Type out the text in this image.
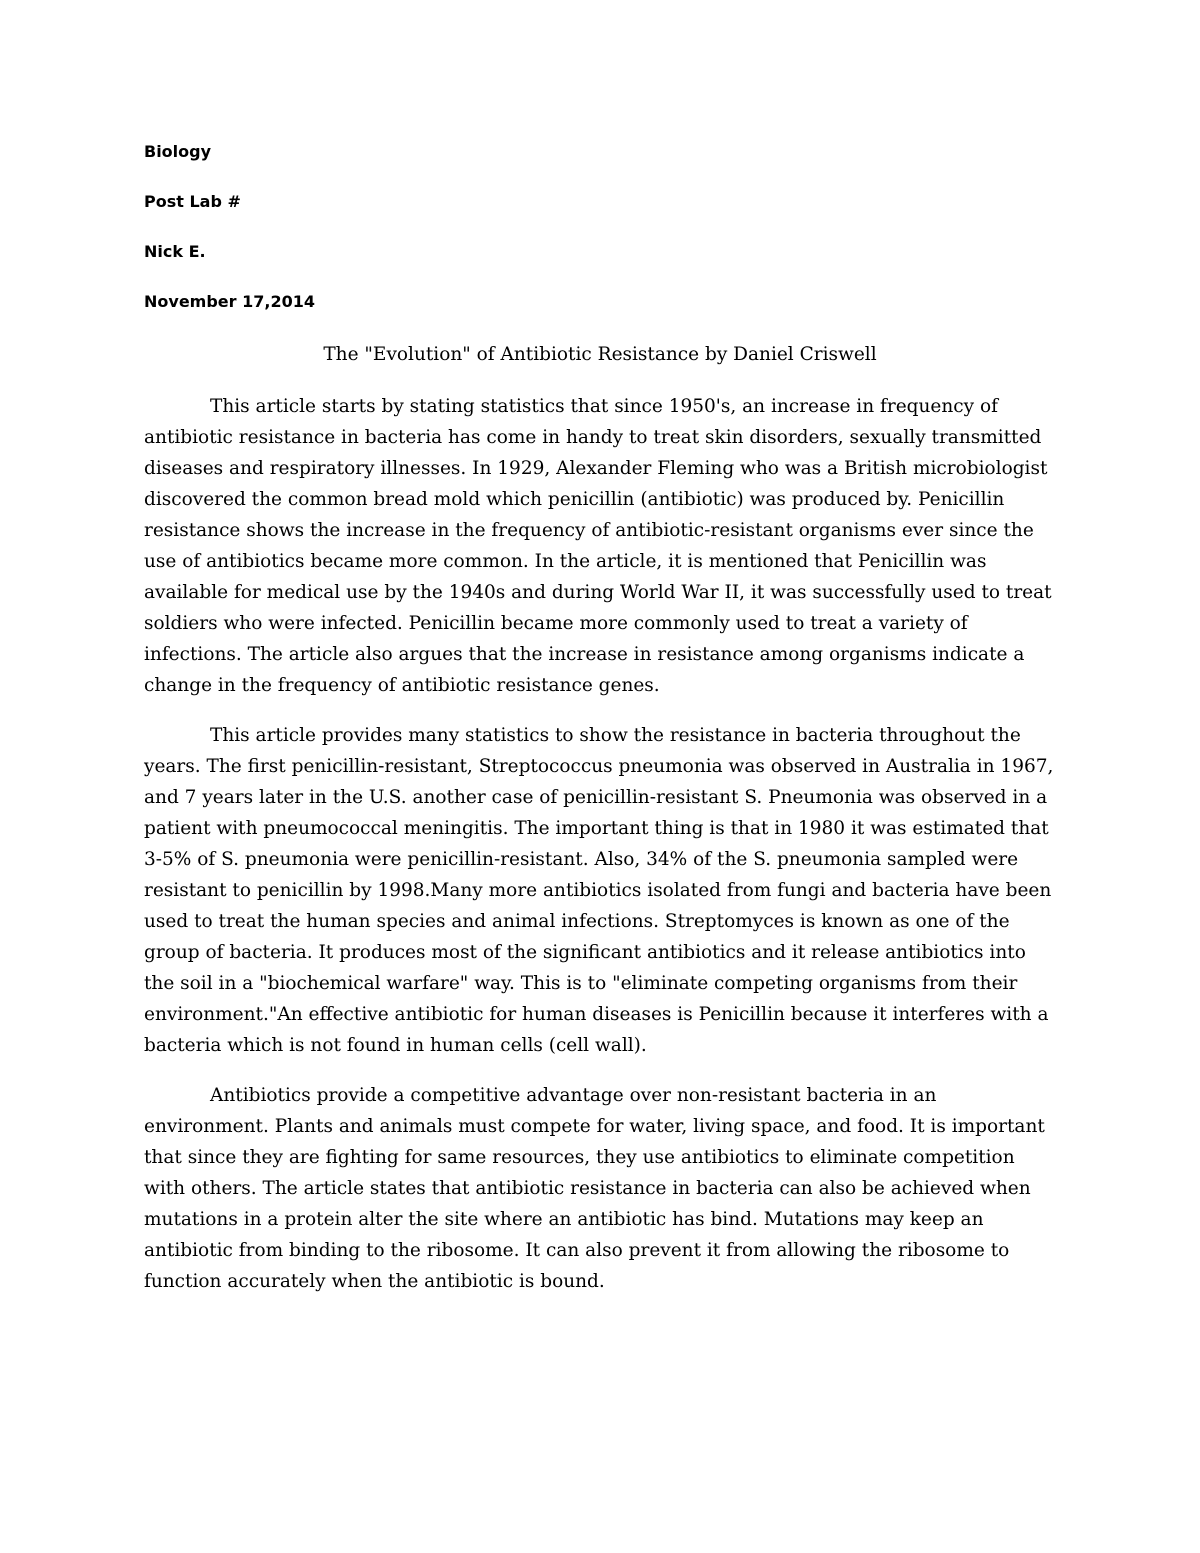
Biology
Post Lab #
Nick E.
November 17,2014
The "Evolution" of Antibiotic Resistance by Daniel Criswell

This article starts by stating statistics that since 1950's, an increase in frequency of antibiotic resistance in bacteria has come in handy to treat skin disorders, sexually transmitted diseases and respiratory illnesses. In 1929, Alexander Fleming who was a British microbiologist discovered the common bread mold which penicillin (antibiotic) was produced by. Penicillin resistance shows the increase in the frequency of antibiotic-resistant organisms ever since the use of antibiotics became more common. In the article, it is mentioned that Penicillin was available for medical use by the 1940s and during World War II, it was successfully used to treat soldiers who were infected. Penicillin became more commonly used to treat a variety of infections. The article also argues that the increase in resistance among organisms indicate a change in the frequency of antibiotic resistance genes.

This article provides many statistics to show the resistance in bacteria throughout the years. The first penicillin-resistant, Streptococcus pneumonia was observed in Australia in 1967, and 7 years later in the U.S. another case of penicillin-resistant S. Pneumonia was observed in a patient with pneumococcal meningitis. The important thing is that in 1980 it was estimated that 3-5% of S. pneumonia were penicillin-resistant. Also, 34% of the S. pneumonia sampled were resistant to penicillin by 1998.Many more antibiotics isolated from fungi and bacteria have been used to treat the human species and animal infections. Streptomyces is known as one of the group of bacteria. It produces most of the significant antibiotics and it release antibiotics into the soil in a "biochemical warfare" way. This is to "eliminate competing organisms from their environment."An effective antibiotic for human diseases is Penicillin because it interferes with a bacteria which is not found in human cells (cell wall).

Antibiotics provide a competitive advantage over non-resistant bacteria in an environment. Plants and animals must compete for water, living space, and food. It is important that since they are fighting for same resources, they use antibiotics to eliminate competition with others. The article states that antibiotic resistance in bacteria can also be achieved when mutations in a protein alter the site where an antibiotic has bind. Mutations may keep an antibiotic from binding to the ribosome. It can also prevent it from allowing the ribosome to function accurately when the antibiotic is bound.
